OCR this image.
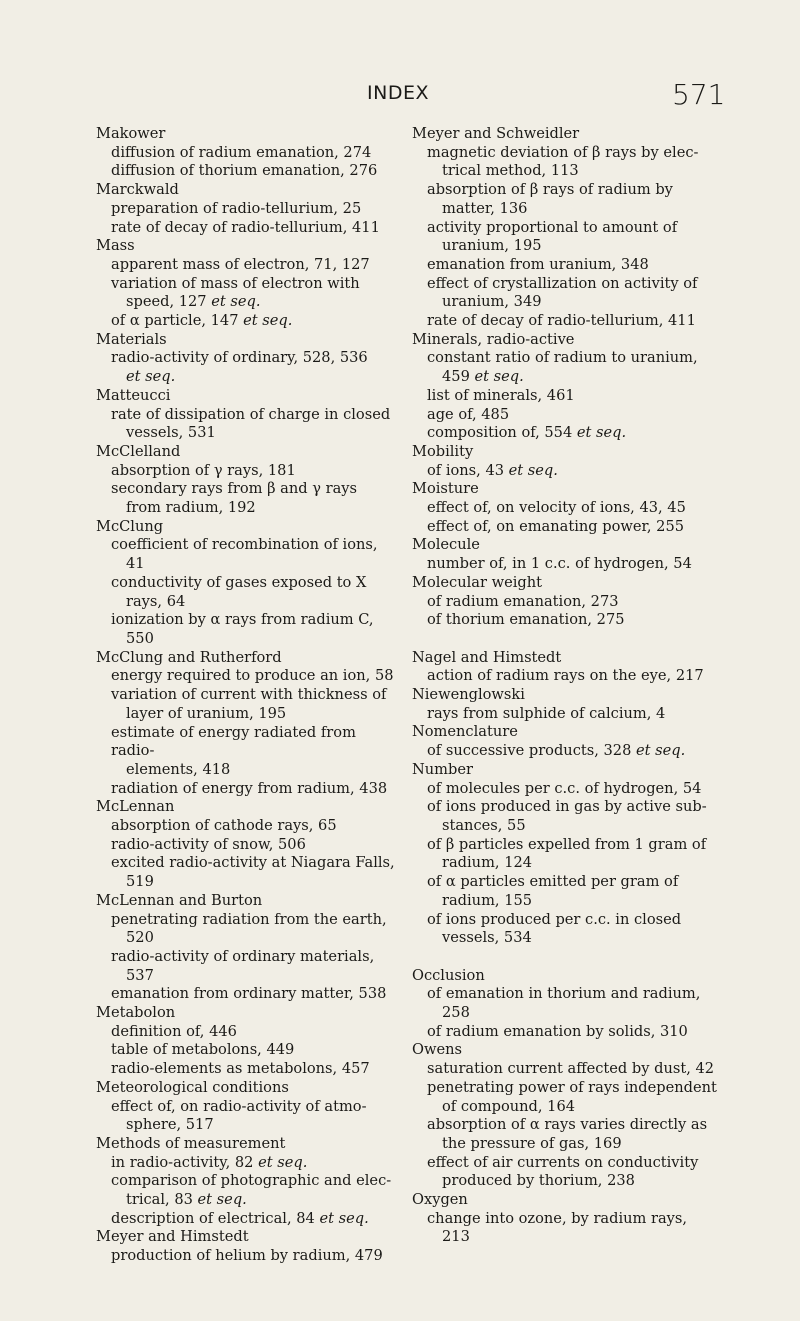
INDEX	571
Makower
diffusion of radium emanation, 274
diffusion of thorium emanation, 276
Marckwald
preparation of radio-tellurium, 25
rate of decay of radio-tellurium, 411
Mass
apparent mass of electron, 71, 127
variation of mass of electron with
speed, 127 et seq.
of α particle, 147 et seq.
Materials
radio-activity of ordinary, 528, 536
et seq.
Matteucci
rate of dissipation of charge in closed
vessels, 531
McClelland
absorption of γ rays, 181
secondary rays from β and γ rays
from radium, 192
McClung
coefficient of recombination of ions,
41
conductivity of gases exposed to X
rays, 64
ionization by α rays from radium C,
550
McClung and Rutherford
energy required to produce an ion, 58
variation of current with thickness of
layer of uranium, 195
estimate of energy radiated from radio-
elements, 418
radiation of energy from radium, 438
McLennan
absorption of cathode rays, 65
radio-activity of snow, 506
excited radio-activity at Niagara Falls,
519
McLennan and Burton
penetrating radiation from the earth,
520
radio-activity of ordinary materials,
537
emanation from ordinary matter, 538
Metabolon
definition of, 446
table of metabolons, 449
radio-elements as metabolons, 457
Meteorological conditions
effect of, on radio-activity of atmo-
sphere, 517
Methods of measurement
in radio-activity, 82 et seq.
comparison of photographic and elec-
trical, 83 et seq.
description of electrical, 84 et seq.
Meyer and Himstedt
production of helium by radium, 479
Meyer and Schweidler
magnetic deviation of β rays by elec-
trical method, 113
absorption of β rays of radium by
matter, 136
activity proportional to amount of
uranium, 195
emanation from uranium, 348
effect of crystallization on activity of
uranium, 349
rate of decay of radio-tellurium, 411
Minerals, radio-active
constant ratio of radium to uranium,
459 et seq.
list of minerals, 461
age of, 485
composition of, 554 et seq.
Mobility
of ions, 43 et seq.
Moisture
effect of, on velocity of ions, 43, 45
effect of, on emanating power, 255
Molecule
number of, in 1 c.c. of hydrogen, 54
Molecular weight
of radium emanation, 273
of thorium emanation, 275
Nagel and Himstedt
action of radium rays on the eye, 217
Niewenglowski
rays from sulphide of calcium, 4
Nomenclature
of successive products, 328 et seq.
Number
of molecules per c.c. of hydrogen, 54
of ions produced in gas by active sub-
stances, 55
of β particles expelled from 1 gram of
radium, 124
of α particles emitted per gram of
radium, 155
of ions produced per c.c. in closed
vessels, 534
Occlusion
of emanation in thorium and radium,
258
of radium emanation by solids, 310
Owens
saturation current affected by dust, 42
penetrating power of rays independent
of compound, 164
absorption of α rays varies directly as
the pressure of gas, 169
effect of air currents on conductivity
produced by thorium, 238
Oxygen
change into ozone, by radium rays,
213
